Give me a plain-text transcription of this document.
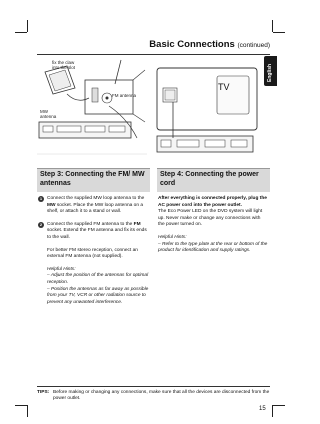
Basic Connections (continued)
English
fix the claw
into the slot
FM antenna
MW
antenna
TV
Step 3: Connecting the FM/ MW antennas
1	Connect the supplied MW loop antenna to the MW socket. Place the MW loop antenna on a shelf, or attach it to a stand or wall.
2	Connect the supplied FM antenna to the FM socket. Extend the FM antenna and fix its ends to the wall.
For better FM stereo reception, connect an external FM antenna (not supplied).
Helpful Hints:
– Adjust the position of the antennas for optimal reception.
– Position the antennas as far away as possible from your TV, VCR or other radiation source to prevent any unwanted interference.
Step 4: Connecting the power cord
After everything is connected properly, plug the AC power cord into the power outlet.
The Eco Power LED on the DVD system will light up. Never make or change any connections with the power turned on.
Helpful Hints:
– Refer to the type plate at the rear or bottom of the product for identification and supply ratings.
TIPS: Before making or changing any connections, make sure that all the devices are disconnected from the power outlet.
15
